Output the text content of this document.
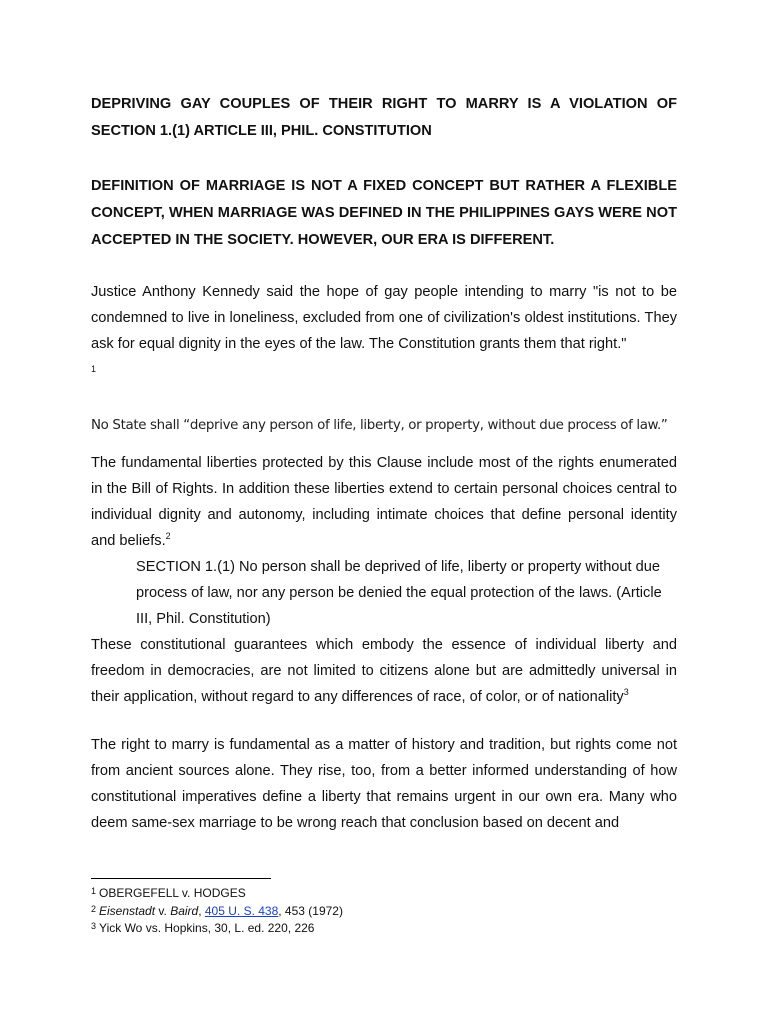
DEPRIVING GAY COUPLES OF THEIR RIGHT TO MARRY IS A VIOLATION OF SECTION 1.(1) ARTICLE III, PHIL. CONSTITUTION

DEFINITION OF MARRIAGE IS NOT A FIXED CONCEPT BUT RATHER A FLEXIBLE CONCEPT, WHEN MARRIAGE WAS DEFINED IN THE PHILIPPINES GAYS WERE NOT ACCEPTED IN THE SOCIETY. HOWEVER, OUR ERA IS DIFFERENT.

Justice Anthony Kennedy said the hope of gay people intending to marry "is not to be condemned to live in loneliness, excluded from one of civilization's oldest institutions. They ask for equal dignity in the eyes of the law. The Constitution grants them that right."
1

No State shall “deprive any person of life, liberty, or property, without due process of law.”

The fundamental liberties protected by this Clause include most of the rights enumerated in the Bill of Rights. In addition these liberties extend to certain personal choices central to individual dignity and autonomy, including intimate choices that define personal identity and beliefs.$^2$

SECTION 1.(1) No person shall be deprived of life, liberty or property without due process of law, nor any person be denied the equal protection of the laws. (Article III, Phil. Constitution)

These constitutional guarantees which embody the essence of individual liberty and freedom in democracies, are not limited to citizens alone but are admittedly universal in their application, without regard to any differences of race, of color, or of nationality$^3$

The right to marry is fundamental as a matter of history and tradition, but rights come not from ancient sources alone. They rise, too, from a better informed understanding of how constitutional imperatives define a liberty that remains urgent in our own era. Many who deem same-sex marriage to be wrong reach that conclusion based on decent and

$^1$ OBERGEFELL v. HODGES
$^2$ Eisenstadt v. Baird, 405 U. S. 438, 453 (1972)
$^3$ Yick Wo vs. Hopkins, 30, L. ed. 220, 226
